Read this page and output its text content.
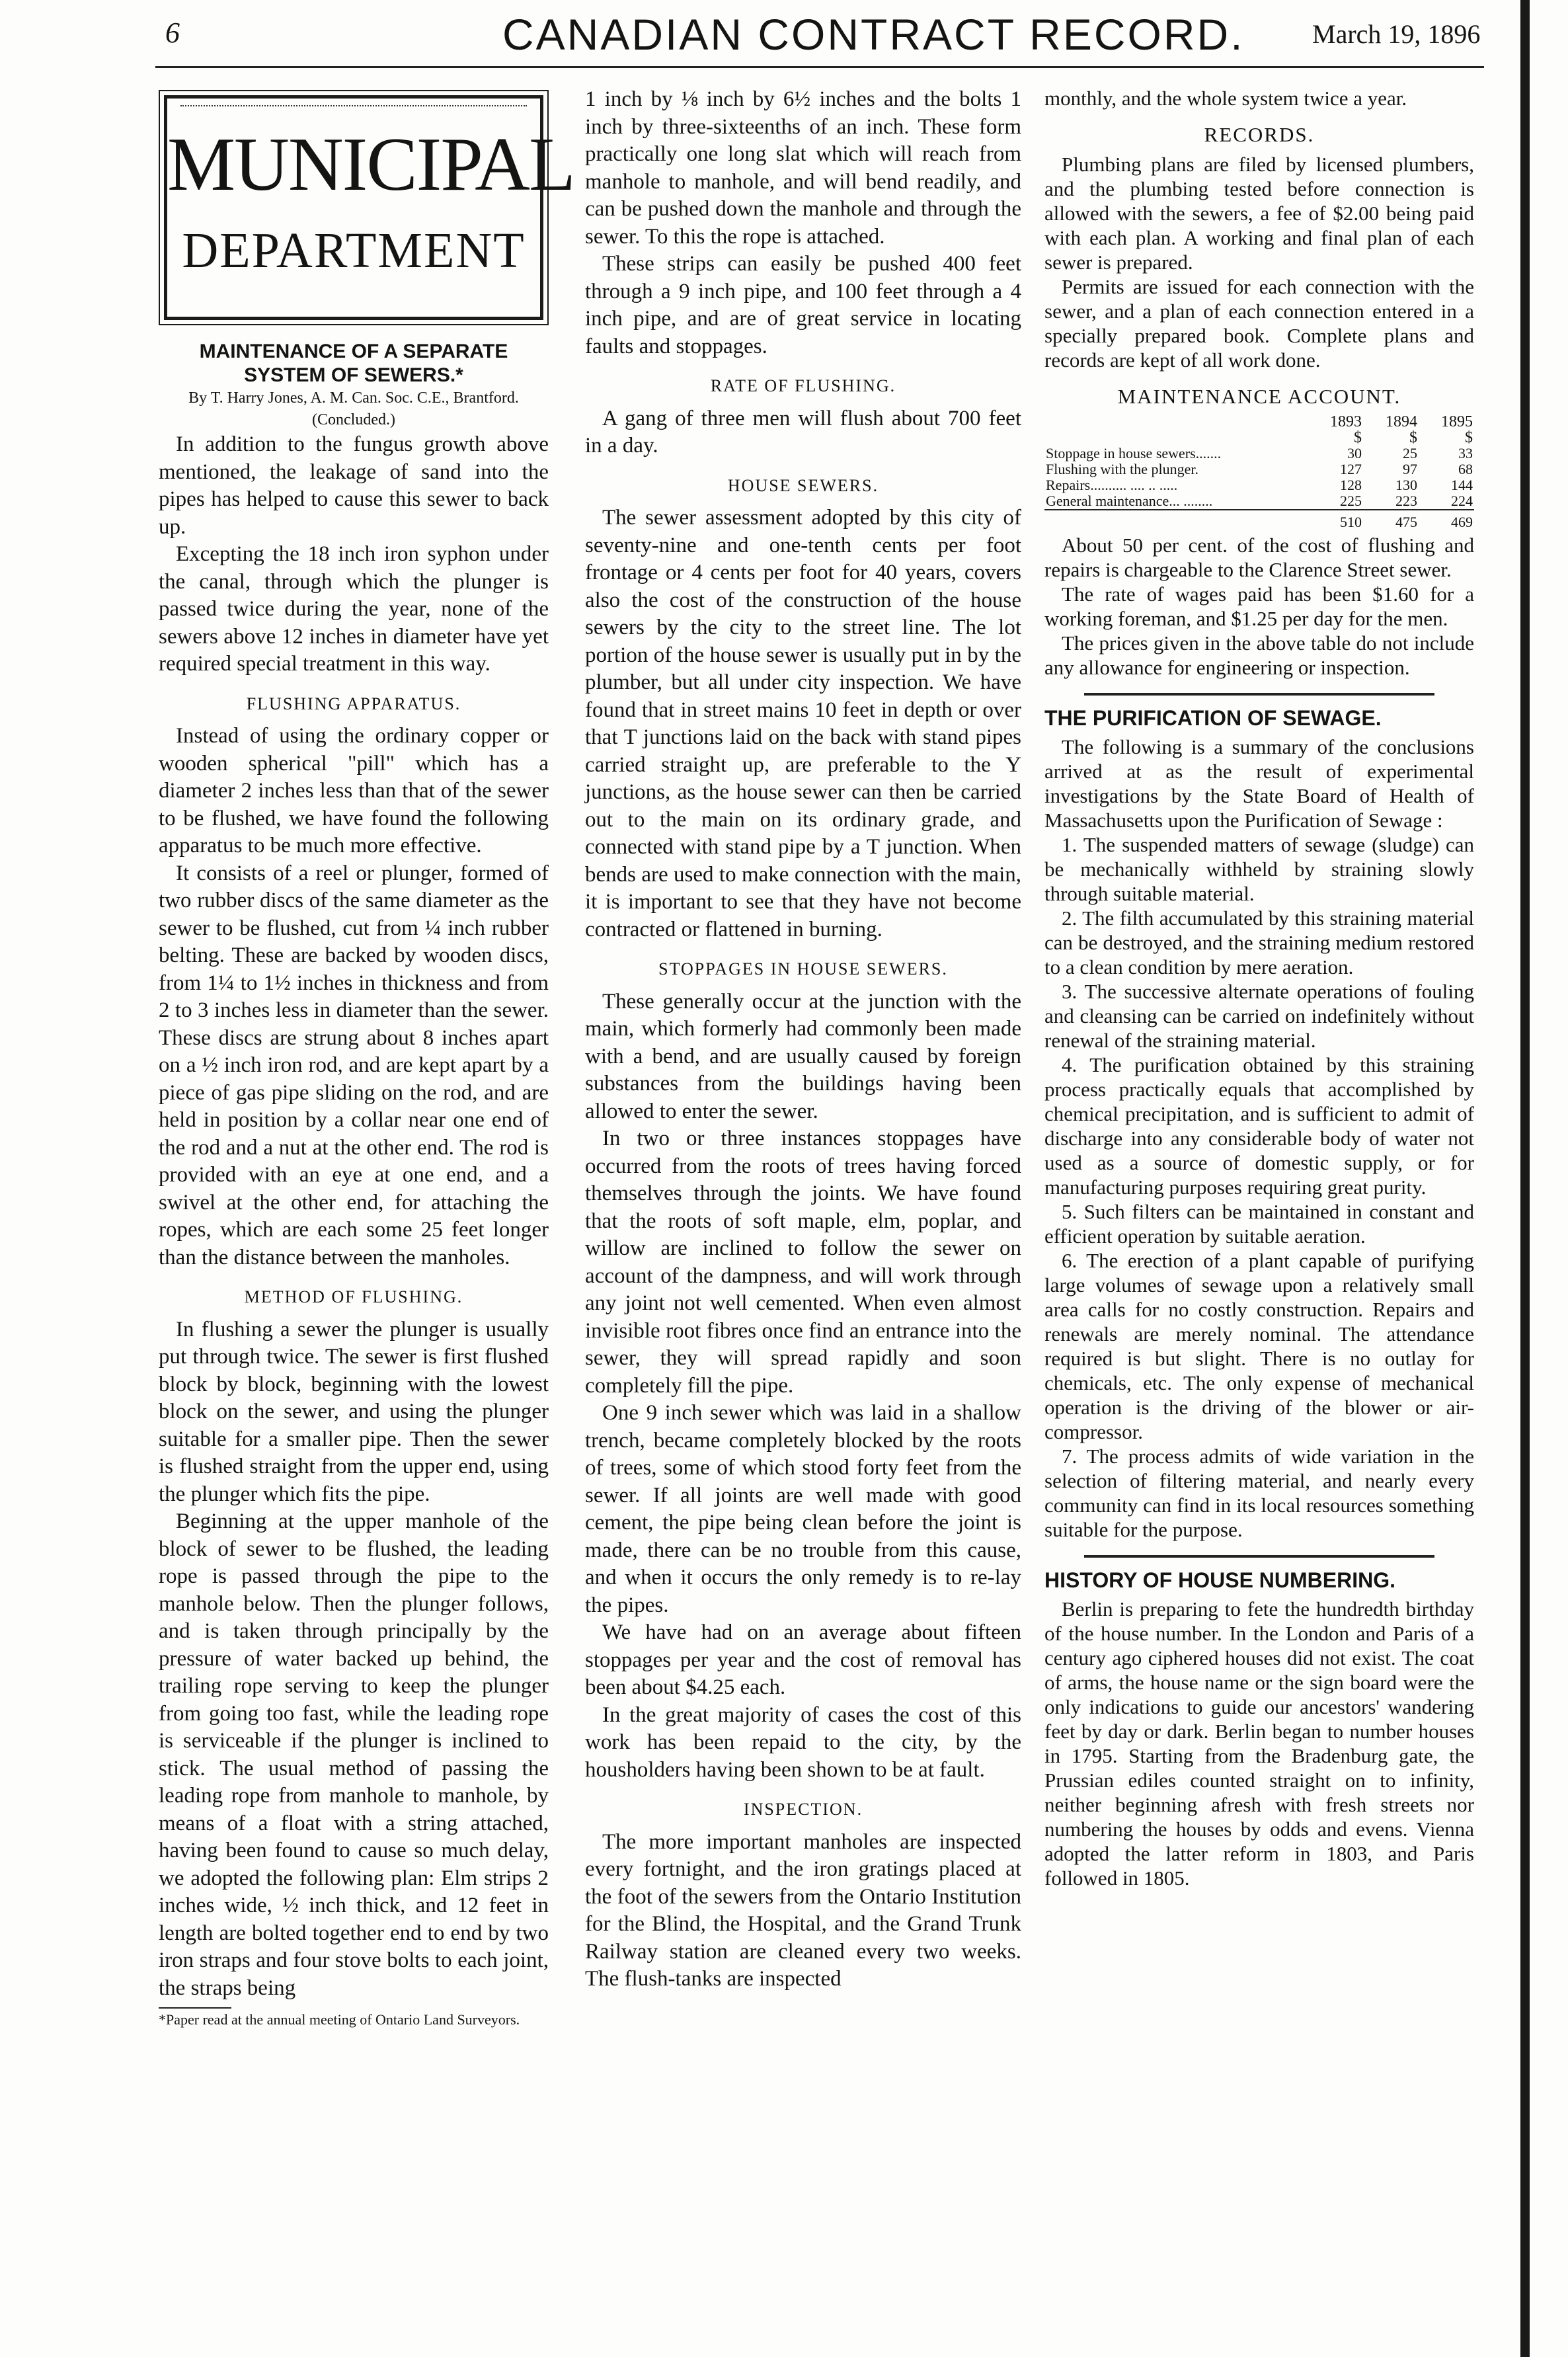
6	CANADIAN CONTRACT RECORD.	March 19, 1896
MUNICIPAL
DEPARTMENT

MAINTENANCE OF A SEPARATE SYSTEM OF SEWERS.*

By T. Harry Jones, A. M. Can. Soc. C.E., Brantford.

(Concluded.)

In addition to the fungus growth above mentioned, the leakage of sand into the pipes has helped to cause this sewer to back up.

Excepting the 18 inch iron syphon under the canal, through which the plunger is passed twice during the year, none of the sewers above 12 inches in diameter have yet required special treatment in this way.

FLUSHING APPARATUS.

Instead of using the ordinary copper or wooden spherical "pill" which has a diameter 2 inches less than that of the sewer to be flushed, we have found the following apparatus to be much more effective.

It consists of a reel or plunger, formed of two rubber discs of the same diameter as the sewer to be flushed, cut from ¼ inch rubber belting. These are backed by wooden discs, from 1¼ to 1½ inches in thickness and from 2 to 3 inches less in diameter than the sewer. These discs are strung about 8 inches apart on a ½ inch iron rod, and are kept apart by a piece of gas pipe sliding on the rod, and are held in position by a collar near one end of the rod and a nut at the other end. The rod is provided with an eye at one end, and a swivel at the other end, for attaching the ropes, which are each some 25 feet longer than the distance between the manholes.

METHOD OF FLUSHING.

In flushing a sewer the plunger is usually put through twice. The sewer is first flushed block by block, beginning with the lowest block on the sewer, and using the plunger suitable for a smaller pipe. Then the sewer is flushed straight from the upper end, using the plunger which fits the pipe.

Beginning at the upper manhole of the block of sewer to be flushed, the leading rope is passed through the pipe to the manhole below. Then the plunger follows, and is taken through principally by the pressure of water backed up behind, the trailing rope serving to keep the plunger from going too fast, while the leading rope is serviceable if the plunger is inclined to stick. The usual method of passing the leading rope from manhole to manhole, by means of a float with a string attached, having been found to cause so much delay, we adopted the following plan: Elm strips 2 inches wide, ½ inch thick, and 12 feet in length are bolted together end to end by two iron straps and four stove bolts to each joint, the straps being

*Paper read at the annual meeting of Ontario Land Surveyors.

1 inch by ⅛ inch by 6½ inches and the bolts 1 inch by three-sixteenths of an inch. These form practically one long slat which will reach from manhole to manhole, and will bend readily, and can be pushed down the manhole and through the sewer. To this the rope is attached.

These strips can easily be pushed 400 feet through a 9 inch pipe, and 100 feet through a 4 inch pipe, and are of great service in locating faults and stoppages.

RATE OF FLUSHING.

A gang of three men will flush about 700 feet in a day.

HOUSE SEWERS.

The sewer assessment adopted by this city of seventy-nine and one-tenth cents per foot frontage or 4 cents per foot for 40 years, covers also the cost of the construction of the house sewers by the city to the street line. The lot portion of the house sewer is usually put in by the plumber, but all under city inspection. We have found that in street mains 10 feet in depth or over that T junctions laid on the back with stand pipes carried straight up, are preferable to the Y junctions, as the house sewer can then be carried out to the main on its ordinary grade, and connected with stand pipe by a T junction. When bends are used to make connection with the main, it is important to see that they have not become contracted or flattened in burning.

STOPPAGES IN HOUSE SEWERS.

These generally occur at the junction with the main, which formerly had commonly been made with a bend, and are usually caused by foreign substances from the buildings having been allowed to enter the sewer.

In two or three instances stoppages have occurred from the roots of trees having forced themselves through the joints. We have found that the roots of soft maple, elm, poplar, and willow are inclined to follow the sewer on account of the dampness, and will work through any joint not well cemented. When even almost invisible root fibres once find an entrance into the sewer, they will spread rapidly and soon completely fill the pipe.

One 9 inch sewer which was laid in a shallow trench, became completely blocked by the roots of trees, some of which stood forty feet from the sewer. If all joints are well made with good cement, the pipe being clean before the joint is made, there can be no trouble from this cause, and when it occurs the only remedy is to re-lay the pipes.

We have had on an average about fifteen stoppages per year and the cost of removal has been about $4.25 each.

In the great majority of cases the cost of this work has been repaid to the city, by the housholders having been shown to be at fault.

INSPECTION.

The more important manholes are inspected every fortnight, and the iron gratings placed at the foot of the sewers from the Ontario Institution for the Blind, the Hospital, and the Grand Trunk Railway station are cleaned every two weeks. The flush-tanks are inspected

monthly, and the whole system twice a year.

RECORDS.

Plumbing plans are filed by licensed plumbers, and the plumbing tested before connection is allowed with the sewers, a fee of $2.00 being paid with each plan. A working and final plan of each sewer is prepared.

Permits are issued for each connection with the sewer, and a plan of each connection entered in a specially prepared book. Complete plans and records are kept of all work done.

MAINTENANCE ACCOUNT.

	1893	1894	1895
	$	$	$
Stoppage in house sewers.......	30	25	33
Flushing with the plunger.	127	97	68
Repairs.......... .... .. .....	128	130	144
General maintenance... ........	225	223	224
	510	475	469

About 50 per cent. of the cost of flushing and repairs is chargeable to the Clarence Street sewer.

The rate of wages paid has been $1.60 for a working foreman, and $1.25 per day for the men.

The prices given in the above table do not include any allowance for engineering or inspection.

THE PURIFICATION OF SEWAGE.

The following is a summary of the conclusions arrived at as the result of experimental investigations by the State Board of Health of Massachusetts upon the Purification of Sewage :

1. The suspended matters of sewage (sludge) can be mechanically withheld by straining slowly through suitable material.

2. The filth accumulated by this straining material can be destroyed, and the straining medium restored to a clean condition by mere aeration.

3. The successive alternate operations of fouling and cleansing can be carried on indefinitely without renewal of the straining material.

4. The purification obtained by this straining process practically equals that accomplished by chemical precipitation, and is sufficient to admit of discharge into any considerable body of water not used as a source of domestic supply, or for manufacturing purposes requiring great purity.

5. Such filters can be maintained in constant and efficient operation by suitable aeration.

6. The erection of a plant capable of purifying large volumes of sewage upon a relatively small area calls for no costly construction. Repairs and renewals are merely nominal. The attendance required is but slight. There is no outlay for chemicals, etc. The only expense of mechanical operation is the driving of the blower or air-compressor.

7. The process admits of wide variation in the selection of filtering material, and nearly every community can find in its local resources something suitable for the purpose.

HISTORY OF HOUSE NUMBERING.

Berlin is preparing to fete the hundredth birthday of the house number. In the London and Paris of a century ago ciphered houses did not exist. The coat of arms, the house name or the sign board were the only indications to guide our ancestors' wandering feet by day or dark. Berlin began to number houses in 1795. Starting from the Bradenburg gate, the Prussian ediles counted straight on to infinity, neither beginning afresh with fresh streets nor numbering the houses by odds and evens. Vienna adopted the latter reform in 1803, and Paris followed in 1805.
